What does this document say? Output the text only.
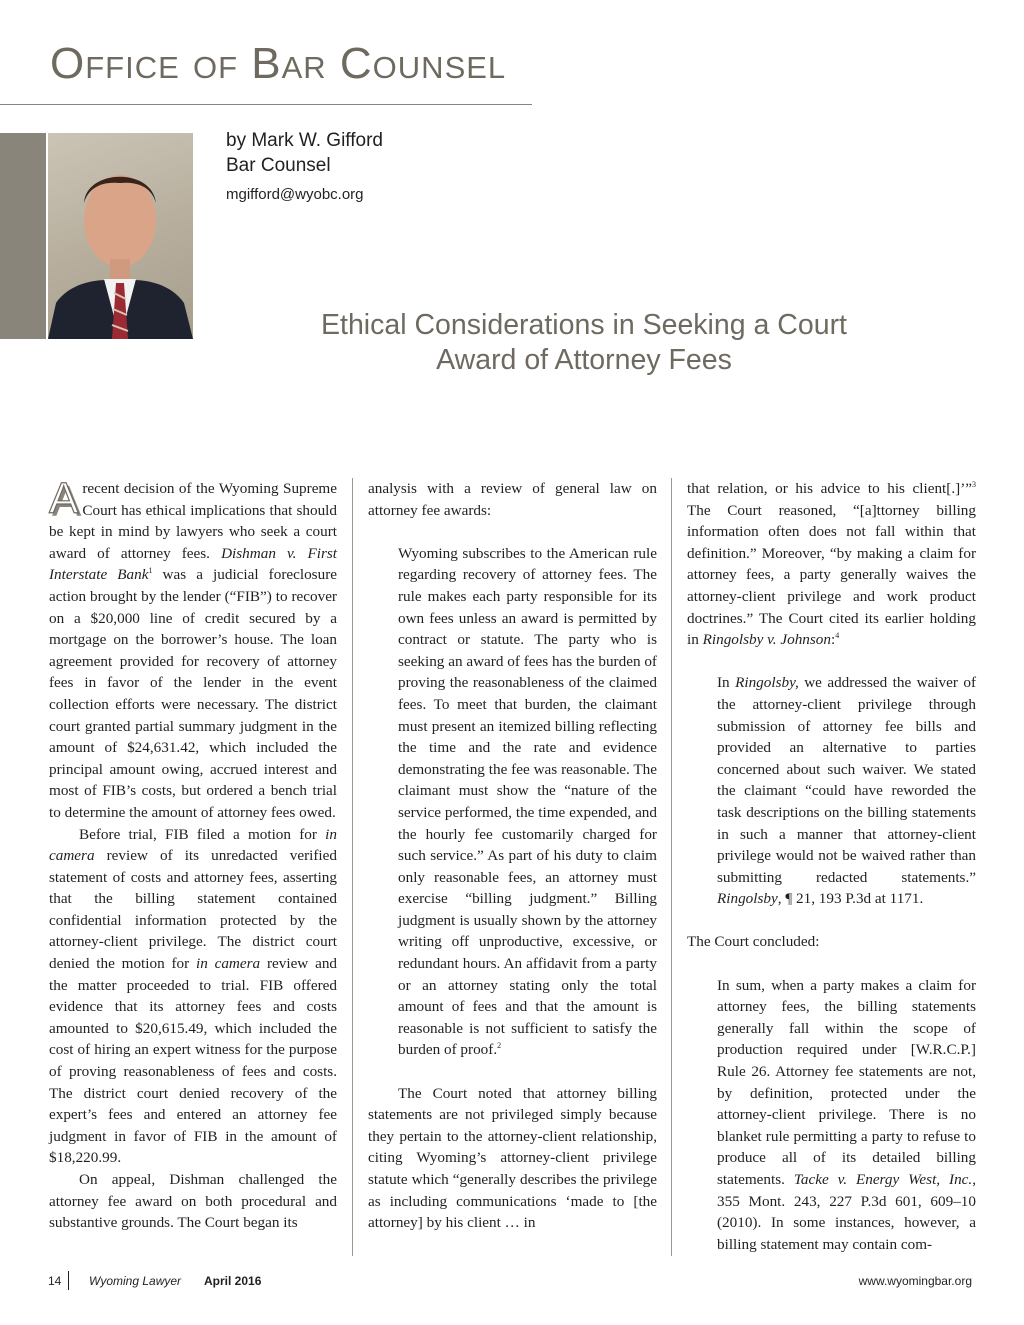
Office of Bar Counsel
by Mark W. Gifford
Bar Counsel
mgifford@wyobc.org
Ethical Considerations in Seeking a Court
Award of Attorney Fees

Arecent decision of the Wyoming Supreme Court has ethical implications that should be kept in mind by lawyers who seek a court award of attorney fees. Dishman v. First Interstate Bank$^1$ was a judicial foreclosure action brought by the lender (“FIB”) to recover on a $20,000 line of credit secured by a mortgage on the borrower’s house. The loan agreement provided for recovery of attorney fees in favor of the lender in the event collection efforts were necessary. The district court granted partial summary judgment in the amount of $24,631.42, which included the principal amount owing, accrued interest and most of FIB’s costs, but ordered a bench trial to determine the amount of attorney fees owed.

Before trial, FIB filed a motion for in camera review of its unredacted verified statement of costs and attorney fees, asserting that the billing statement contained confidential information protected by the attorney-client privilege. The district court denied the motion for in camera review and the matter proceeded to trial. FIB offered evidence that its attorney fees and costs amounted to $20,615.49, which included the cost of hiring an expert witness for the purpose of proving reasonableness of fees and costs. The district court denied recovery of the expert’s fees and entered an attorney fee judgment in favor of FIB in the amount of $18,220.99.

On appeal, Dishman challenged the attorney fee award on both procedural and substantive grounds. The Court began its

analysis with a review of general law on attorney fee awards:

Wyoming subscribes to the American rule regarding recovery of attorney fees. The rule makes each party responsible for its own fees unless an award is permitted by contract or statute. The party who is seeking an award of fees has the burden of proving the reasonableness of the claimed fees. To meet that burden, the claimant must present an itemized billing reflecting the time and the rate and evidence demonstrating the fee was reasonable. The claimant must show the “nature of the service performed, the time expended, and the hourly fee customarily charged for such service.” As part of his duty to claim only reasonable fees, an attorney must exercise “billing judgment.” Billing judgment is usually shown by the attorney writing off unproductive, excessive, or redundant hours. An affidavit from a party or an attorney stating only the total amount of fees and that the amount is reasonable is not sufficient to satisfy the burden of proof.$^2$

The Court noted that attorney billing statements are not privileged simply because they pertain to the attorney-client relationship, citing Wyoming’s attorney-client privilege statute which “generally describes the privilege as including communications ‘made to [the attorney] by his client … in

that relation, or his advice to his client[.]’”$^3$ The Court reasoned, “[a]ttorney billing information often does not fall within that definition.” Moreover, “by making a claim for attorney fees, a party generally waives the attorney-client privilege and work product doctrines.” The Court cited its earlier holding in Ringolsby v. Johnson:$^4$

In Ringolsby, we addressed the waiver of the attorney-client privilege through submission of attorney fee bills and provided an alternative to parties concerned about such waiver. We stated the claimant “could have reworded the task descriptions on the billing statements in such a manner that attorney-client privilege would not be waived rather than submitting redacted statements.” Ringolsby, ¶ 21, 193 P.3d at 1171.

The Court concluded:

In sum, when a party makes a claim for attorney fees, the billing statements generally fall within the scope of production required under [W.R.C.P.] Rule 26. Attorney fee statements are not, by definition, protected under the attorney-client privilege. There is no blanket rule permitting a party to refuse to produce all of its detailed billing statements. Tacke v. Energy West, Inc., 355 Mont. 243, 227 P.3d 601, 609–10 (2010). In some instances, however, a billing statement may contain com-

14 Wyoming Lawyer April 2016	www.wyomingbar.org
